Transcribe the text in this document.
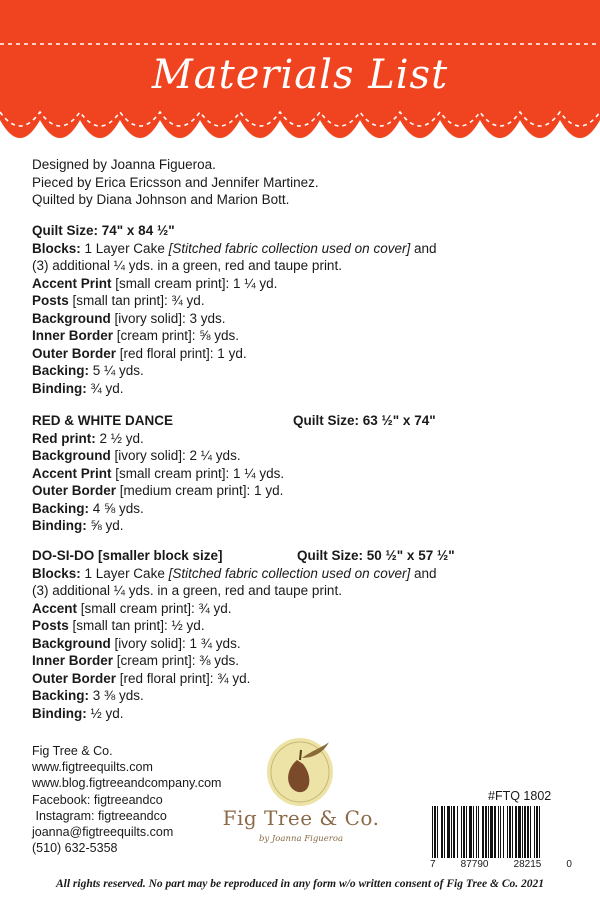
Materials List
Designed by Joanna Figueroa.
Pieced by Erica Ericsson and Jennifer Martinez.
Quilted by Diana Johnson and Marion Bott.
Quilt Size: 74" x 84 ½"
Blocks: 1 Layer Cake [Stitched fabric collection used on cover] and
(3) additional ¼ yds. in a green, red and taupe print.
Accent Print [small cream print]: 1 ¼ yd.
Posts [small tan print]: ¾ yd.
Background [ivory solid]: 3 yds.
Inner Border [cream print]: ⅝ yds.
Outer Border [red floral print]: 1 yd.
Backing: 5 ¼ yds.
Binding: ¾ yd.
RED & WHITE DANCE	Quilt Size: 63 ½" x 74"
Red print: 2 ½ yd.
Background [ivory solid]: 2 ¼ yds.
Accent Print [small cream print]: 1 ¼ yds.
Outer Border [medium cream print]: 1 yd.
Backing: 4 ⅝ yds.
Binding: ⅝ yd.
DO-SI-DO [smaller block size]	Quilt Size: 50 ½" x 57 ½"
Blocks: 1 Layer Cake [Stitched fabric collection used on cover] and
(3) additional ¼ yds. in a green, red and taupe print.
Accent [small cream print]: ¾ yd.
Posts [small tan print]: ½ yd.
Background [ivory solid]: 1 ¾ yds.
Inner Border [cream print]: ⅜ yds.
Outer Border [red floral print]: ¾ yd.
Backing: 3 ⅜ yds.
Binding: ½ yd.
Fig Tree & Co.
www.figtreequilts.com
www.blog.figtreeandcompany.com
Facebook: figtreeandco
Instagram: figtreeandco
joanna@figtreequilts.com
(510) 632-5358
Fig Tree & Co.
by Joanna Figueroa
#FTQ 1802
7	87790	28215	0
All rights reserved. No part may be reproduced in any form w/o written consent of Fig Tree & Co. 2021
